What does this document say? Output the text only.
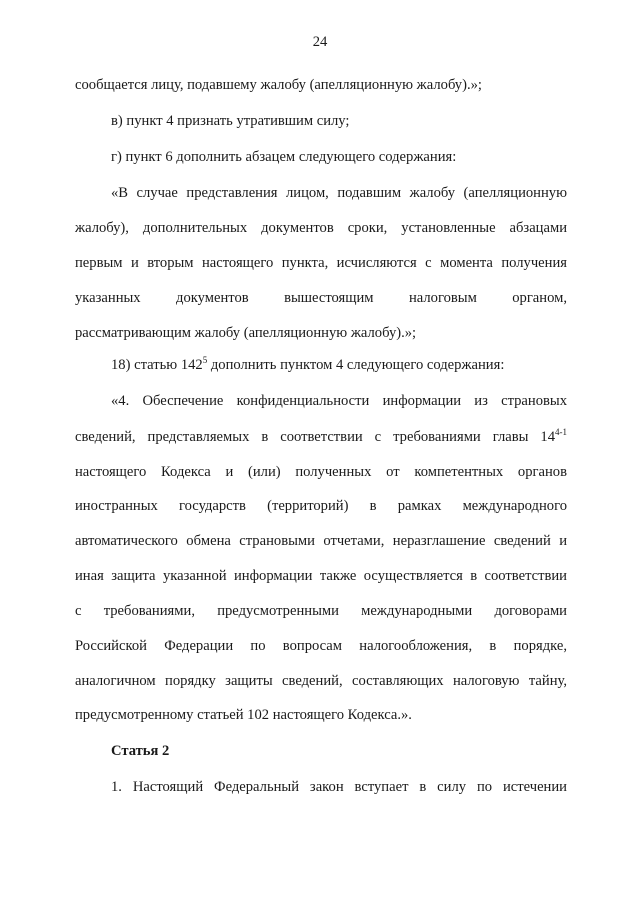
24
сообщается лицу, подавшему жалобу (апелляционную жалобу).»;
в) пункт 4 признать утратившим силу;
г) пункт 6 дополнить абзацем следующего содержания:
«В случае представления лицом, подавшим жалобу (апелляционную
жалобу), дополнительных документов сроки, установленные абзацами
первым и вторым настоящего пункта, исчисляются с момента получения
указанных документов вышестоящим налоговым органом,
рассматривающим жалобу (апелляционную жалобу).»;
18) статью $142^5$ дополнить пунктом 4 следующего содержания:
«4. Обеспечение конфиденциальности информации из страновых
сведений, представляемых в соответствии с требованиями главы 14$^{4-1}$
настоящего Кодекса и (или) полученных от компетентных органов
иностранных государств (территорий) в рамках международного
автоматического обмена страновыми отчетами, неразглашение сведений и
иная защита указанной информации также осуществляется в соответствии
с требованиями, предусмотренными международными договорами
Российской Федерации по вопросам налогообложения, в порядке,
аналогичном порядку защиты сведений, составляющих налоговую тайну,
предусмотренному статьей 102 настоящего Кодекса.».
Статья 2
1. Настоящий Федеральный закон вступает в силу по истечении
